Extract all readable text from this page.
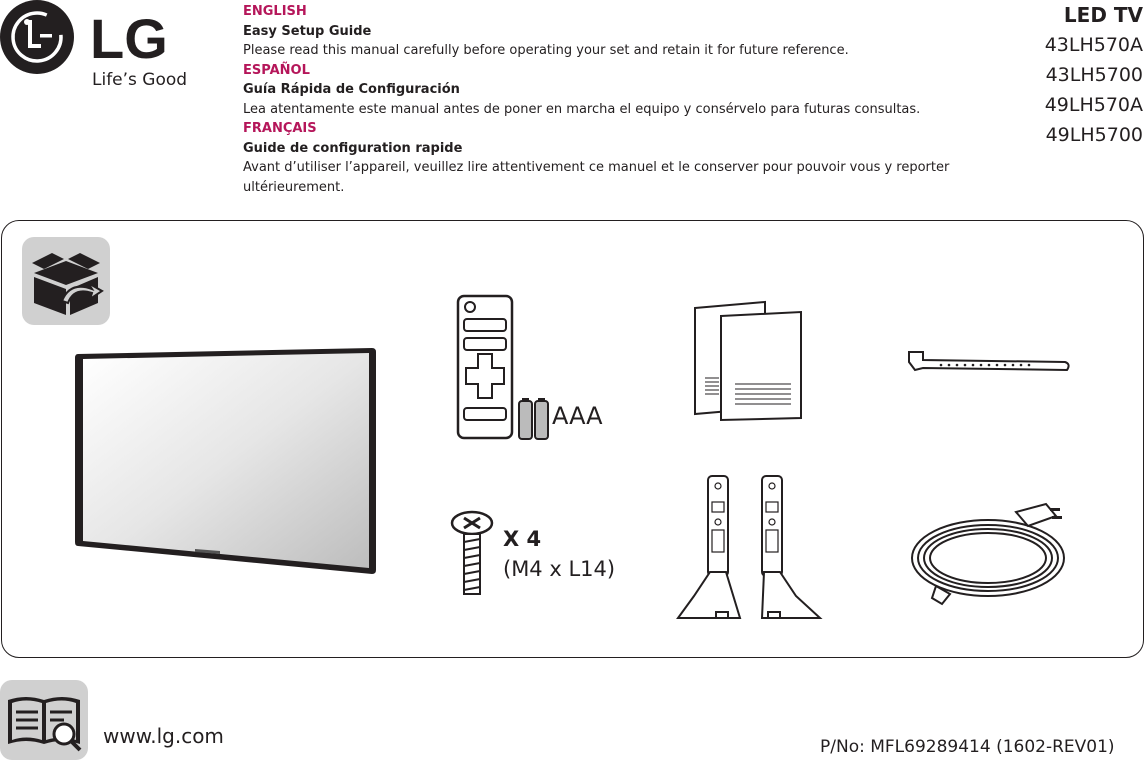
LG
Life’s Good
ENGLISH
Easy Setup Guide
Please read this manual carefully before operating your set and retain it for future reference.
ESPAÑOL
Guía Rápida de Configuración
Lea atentamente este manual antes de poner en marcha el equipo y consérvelo para futuras consultas.
FRANÇAIS
Guide de configuration rapide
Avant d’utiliser l’appareil, veuillez lire attentivement ce manuel et le conserver pour pouvoir vous y reporter ultérieurement.
LED TV
43LH570A
43LH5700
49LH570A
49LH5700
AAA
X 4
(M4 x L14)
www.lg.com	P/No: MFL69289414 (1602-REV01)
